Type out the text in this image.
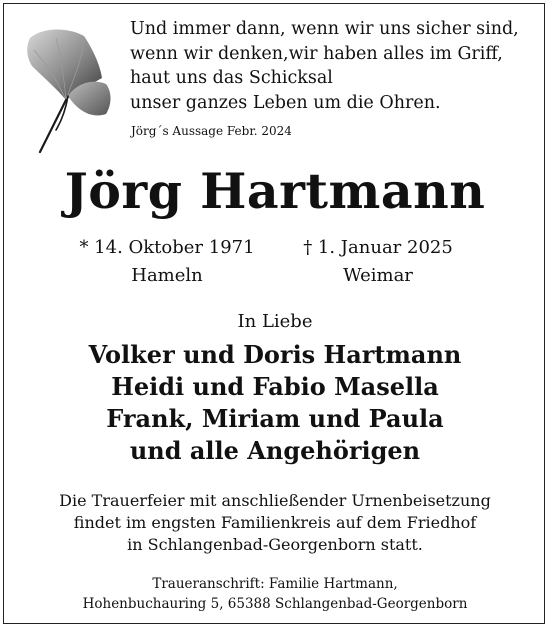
Und immer dann, wenn wir uns sicher sind,
wenn wir denken,wir haben alles im Griff,
haut uns das Schicksal
unser ganzes Leben um die Ohren.
Jörg´s Aussage Febr. 2024
Jörg Hartmann
* 14. Oktober 1971
Hameln
† 1. Januar 2025
Weimar
In Liebe
Volker und Doris Hartmann
Heidi und Fabio Masella
Frank, Miriam und Paula
und alle Angehörigen
Die Trauerfeier mit anschließender Urnenbeisetzung
findet im engsten Familienkreis auf dem Friedhof
in Schlangenbad-Georgenborn statt.
Traueranschrift: Familie Hartmann,
Hohenbuchauring 5, 65388 Schlangenbad-Georgenborn
